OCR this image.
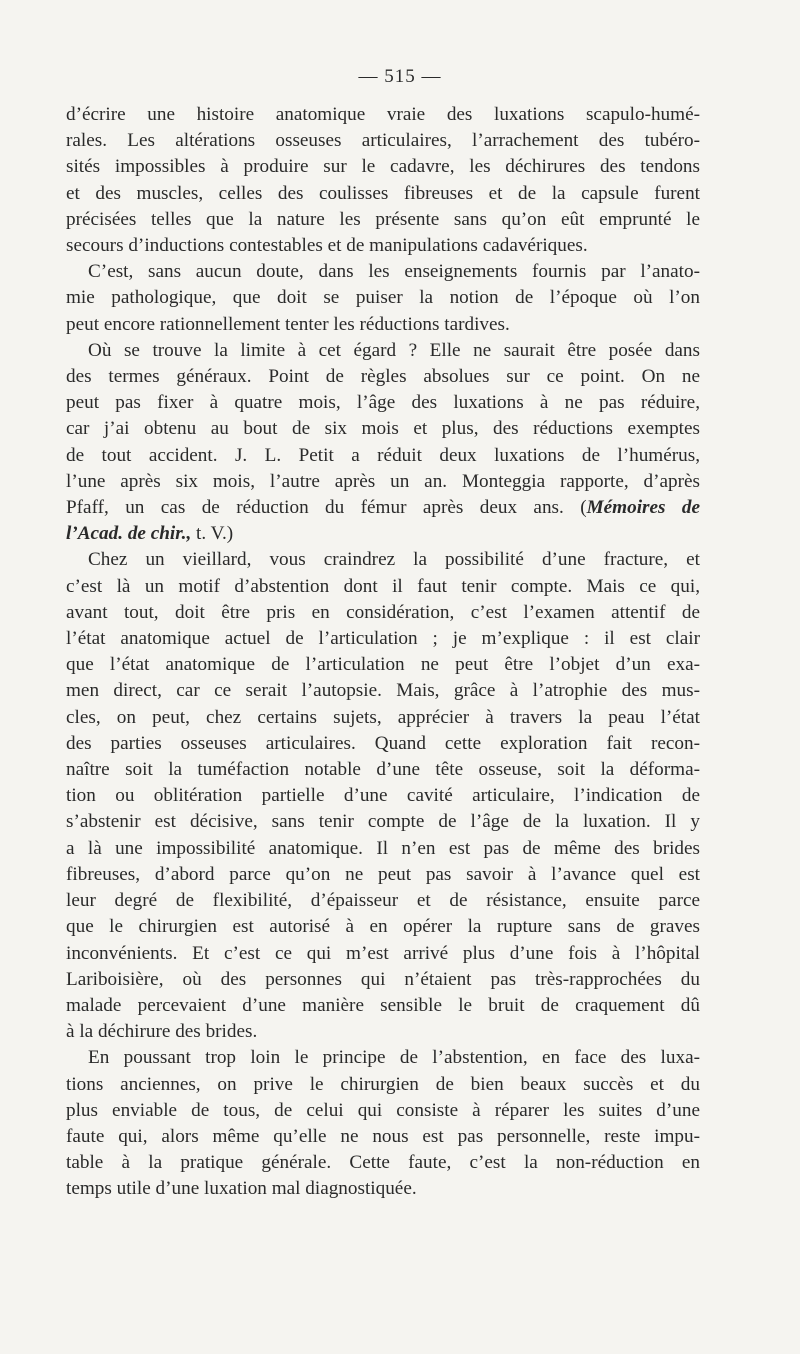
— 515 —
d’écrire une histoire anatomique vraie des luxations scapulo-humé-
rales. Les altérations osseuses articulaires, l’arrachement des tubéro-
sités impossibles à produire sur le cadavre, les déchirures des tendons
et des muscles, celles des coulisses fibreuses et de la capsule furent
précisées telles que la nature les présente sans qu’on eût emprunté le
secours d’inductions contestables et de manipulations cadavériques.
C’est, sans aucun doute, dans les enseignements fournis par l’anato-
mie pathologique, que doit se puiser la notion de l’époque où l’on
peut encore rationnellement tenter les réductions tardives.
Où se trouve la limite à cet égard ? Elle ne saurait être posée dans
des termes généraux. Point de règles absolues sur ce point. On ne
peut pas fixer à quatre mois, l’âge des luxations à ne pas réduire,
car j’ai obtenu au bout de six mois et plus, des réductions exemptes
de tout accident. J. L. Petit a réduit deux luxations de l’humérus,
l’une après six mois, l’autre après un an. Monteggia rapporte, d’après
Pfaff, un cas de réduction du fémur après deux ans. (Mémoires de
l’Acad. de chir., t. V.)
Chez un vieillard, vous craindrez la possibilité d’une fracture, et
c’est là un motif d’abstention dont il faut tenir compte. Mais ce qui,
avant tout, doit être pris en considération, c’est l’examen attentif de
l’état anatomique actuel de l’articulation ; je m’explique : il est clair
que l’état anatomique de l’articulation ne peut être l’objet d’un exa-
men direct, car ce serait l’autopsie. Mais, grâce à l’atrophie des mus-
cles, on peut, chez certains sujets, apprécier à travers la peau l’état
des parties osseuses articulaires. Quand cette exploration fait recon-
naître soit la tuméfaction notable d’une tête osseuse, soit la déforma-
tion ou oblitération partielle d’une cavité articulaire, l’indication de
s’abstenir est décisive, sans tenir compte de l’âge de la luxation. Il y
a là une impossibilité anatomique. Il n’en est pas de même des brides
fibreuses, d’abord parce qu’on ne peut pas savoir à l’avance quel est
leur degré de flexibilité, d’épaisseur et de résistance, ensuite parce
que le chirurgien est autorisé à en opérer la rupture sans de graves
inconvénients. Et c’est ce qui m’est arrivé plus d’une fois à l’hôpital
Lariboisière, où des personnes qui n’étaient pas très-rapprochées du
malade percevaient d’une manière sensible le bruit de craquement dû
à la déchirure des brides.
En poussant trop loin le principe de l’abstention, en face des luxa-
tions anciennes, on prive le chirurgien de bien beaux succès et du
plus enviable de tous, de celui qui consiste à réparer les suites d’une
faute qui, alors même qu’elle ne nous est pas personnelle, reste impu-
table à la pratique générale. Cette faute, c’est la non-réduction en
temps utile d’une luxation mal diagnostiquée.
